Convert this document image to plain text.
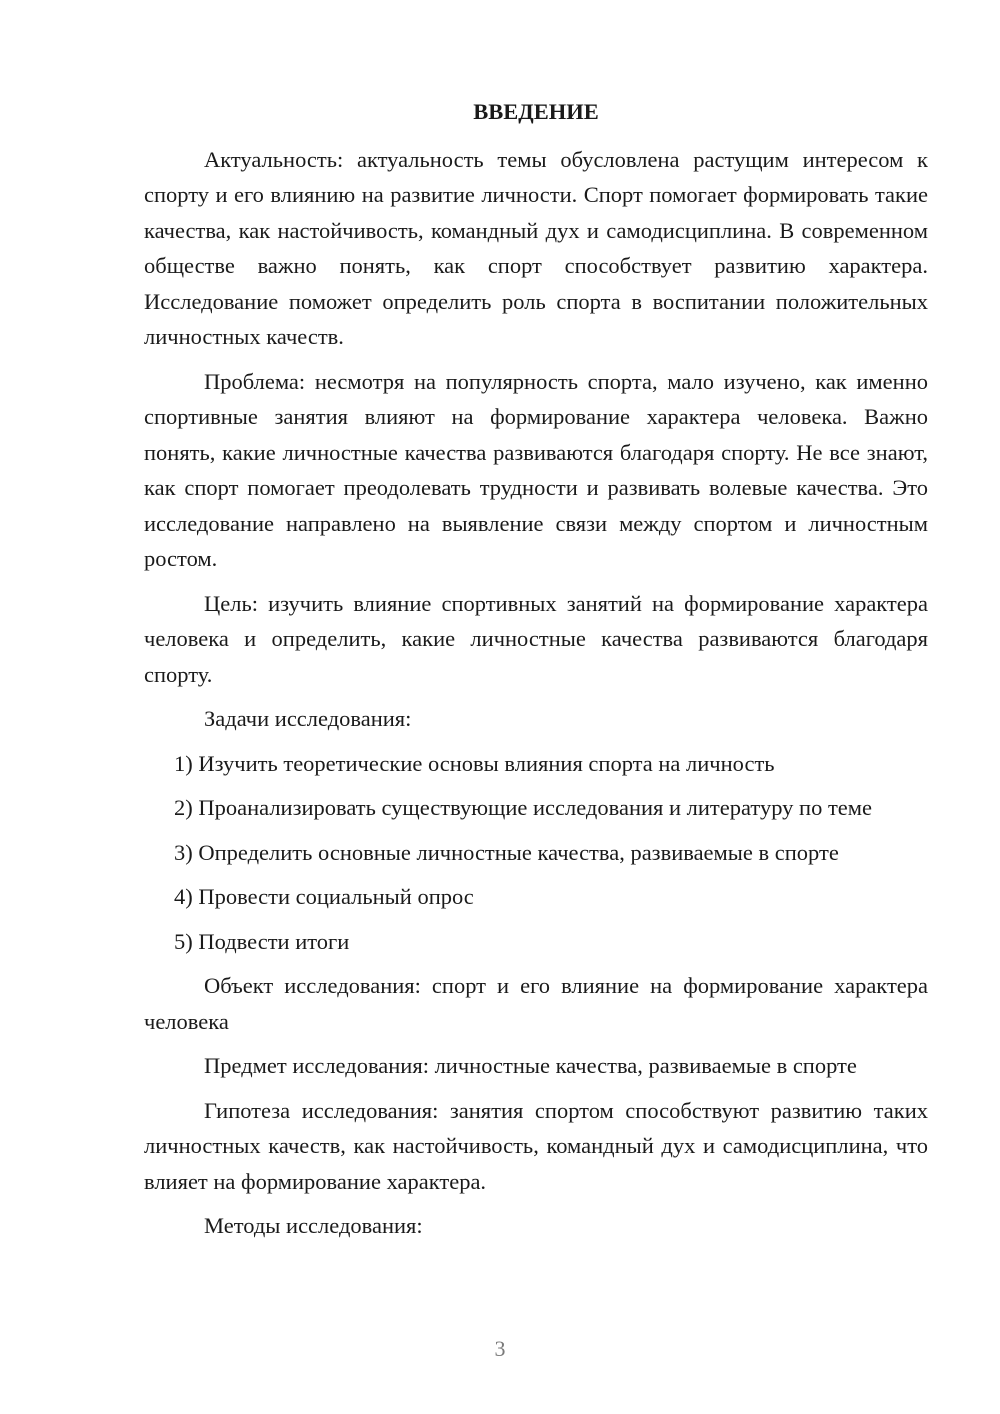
ВВЕДЕНИЕ

Актуальность: актуальность темы обусловлена растущим интересом к спорту и его влиянию на развитие личности. Спорт помогает формировать такие качества, как настойчивость, командный дух и самодисциплина. В современном обществе важно понять, как спорт способствует развитию характера. Исследование поможет определить роль спорта в воспитании положительных личностных качеств.

Проблема: несмотря на популярность спорта, мало изучено, как именно спортивные занятия влияют на формирование характера человека. Важно понять, какие личностные качества развиваются благодаря спорту. Не все знают, как спорт помогает преодолевать трудности и развивать волевые качества. Это исследование направлено на выявление связи между спортом и личностным ростом.

Цель: изучить влияние спортивных занятий на формирование характера человека и определить, какие личностные качества развиваются благодаря спорту.

Задачи исследования:

1) Изучить теоретические основы влияния спорта на личность

2) Проанализировать существующие исследования и литературу по теме

3) Определить основные личностные качества, развиваемые в спорте

4) Провести социальный опрос

5) Подвести итоги

Объект исследования: спорт и его влияние на формирование характера человека

Предмет исследования: личностные качества, развиваемые в спорте

Гипотеза исследования: занятия спортом способствуют развитию таких личностных качеств, как настойчивость, командный дух и самодисциплина, что влияет на формирование характера.

Методы исследования:

3
